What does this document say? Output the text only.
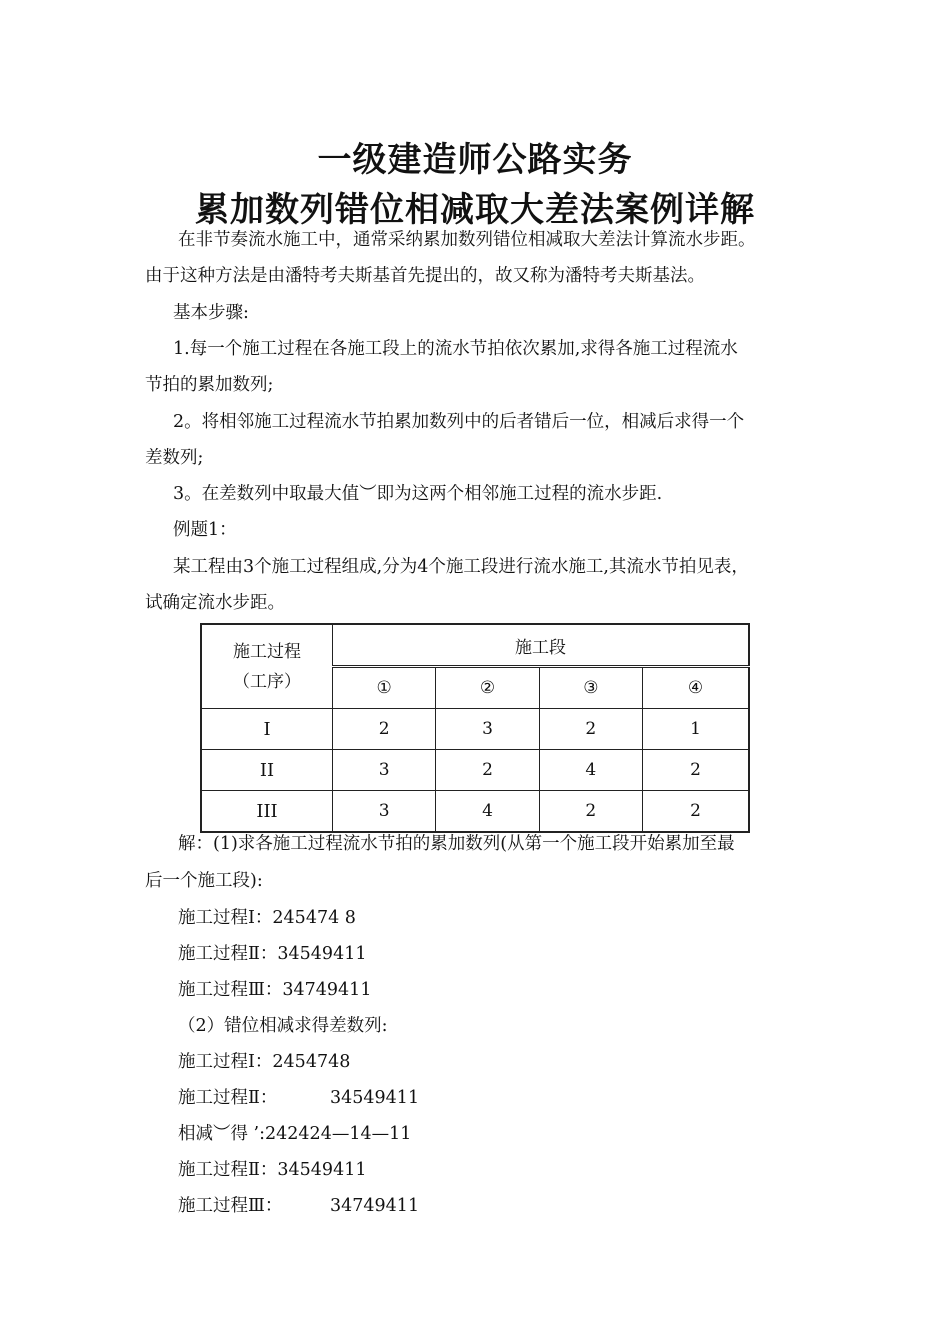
一级建造师公路实务
累加数列错位相减取大差法案例详解
在非节奏流水施工中，通常采纳累加数列错位相减取大差法计算流水步距。
由于这种方法是由潘特考夫斯基首先提出的，故又称为潘特考夫斯基法。
基本步骤:
1.每一个施工过程在各施工段上的流水节拍依次累加,求得各施工过程流水
节拍的累加数列;
2。将相邻施工过程流水节拍累加数列中的后者错后一位，相减后求得一个
差数列;
3。在差数列中取最大值︶即为这两个相邻施工过程的流水步距.
例题1：
某工程由3个施工过程组成,分为4个施工段进行流水施工,其流水节拍见表，
试确定流水步距。
施工过程
（工序）	施工段			
	①	②	③	④
I	2	3	2	1
II	3	2	4	2
III	3	4	2	2
解：(1)求各施工过程流水节拍的累加数列(从第一个施工段开始累加至最
后一个施工段):
施工过程Ⅰ：245474 8
施工过程Ⅱ：34549411
施工过程Ⅲ：34749411
（2）错位相减求得差数列:
施工过程Ⅰ：2454748
施工过程Ⅱ：	34549411
相减︶得 ’:242424—14—11
施工过程Ⅱ：34549411
施工过程Ⅲ：	34749411
